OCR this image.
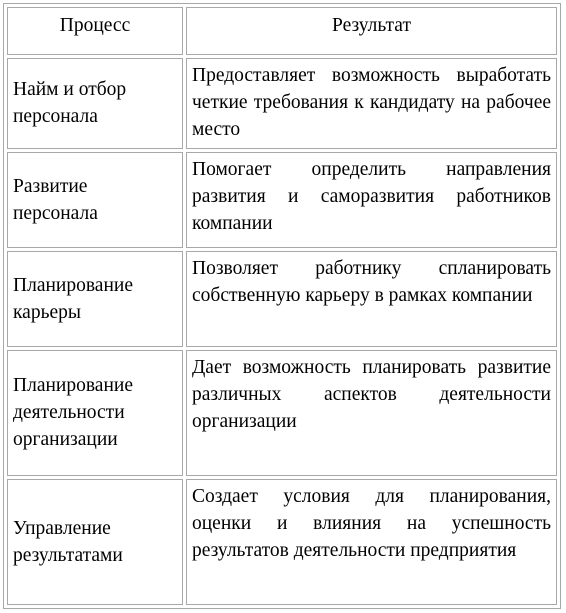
Процесс	Результат
Найм и отбор персонала	Предоставляет возможность выработать четкие требования к кандидату на рабочее место
Развитие персонала	Помогает определить направления развития и саморазвития работников компании
Планирование карьеры	Позволяет работнику спланировать собственную карьеру в рамках компании
Планирование деятельности организации	Дает возможность планировать развитие различных аспектов деятельности организации
Управление результатами	Создает условия для планирования, оценки и влияния на успешность результатов деятельности предприятия
